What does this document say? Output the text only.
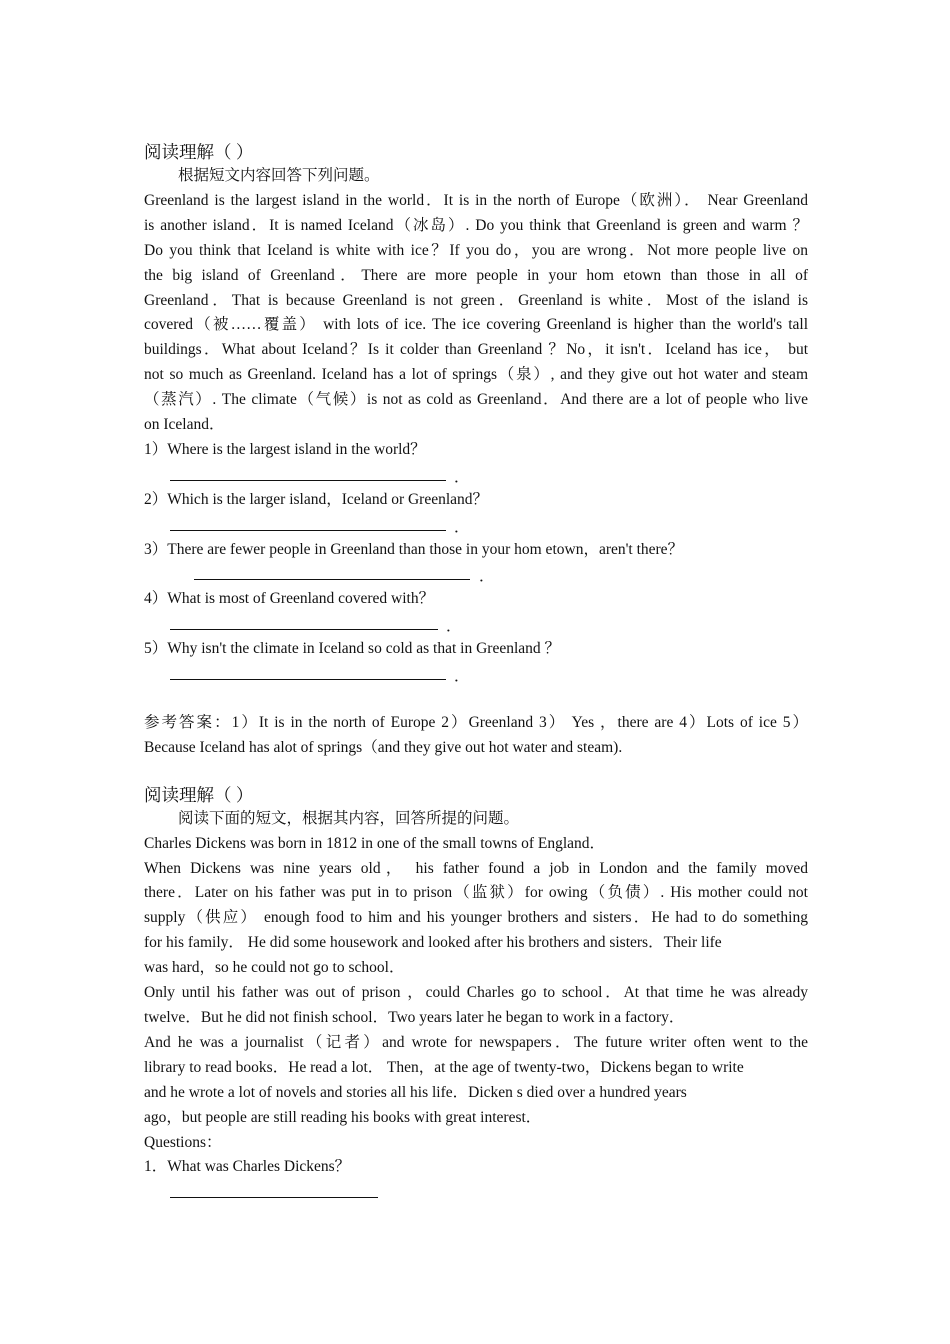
阅读理解（ ）
根据短文内容回答下列问题。
Greenland is the largest island in the world．It is in the north of Europe（欧洲）． Near Greenland
is another island．It is named Iceland（冰岛）. Do you think that Greenland is green and warm ？
Do you think that Iceland is white with ice？If you do，you are wrong．Not more people live on
the big island of Greenland．There are more people in your hom etown than those in all of
Greenland．That is because Greenland is not green．Greenland is white．Most of the island is
covered（被……覆盖） with lots of ice. The ice covering Greenland is higher than the world's tall
buildings．What about Iceland？Is it colder than Greenland ？No，it isn't．Iceland has ice， but
not so much as Greenland. Iceland has a lot of springs（泉）, and they give out hot water and steam
（蒸汽）. The climate（气候）is not as cold as Greenland．And there are a lot of people who live
on Iceland．
1）Where is the largest island in the world？
．
2）Which is the larger island，Iceland or Greenland？
．
3）There are fewer people in Greenland than those in your hom etown，aren't there？
．
4）What is most of Greenland covered with？
．
5）Why isn't the climate in Iceland so cold as that in Greenland ？
．
参考答案：1）It is in the north of Europe 2）Greenland 3） Yes ，there are 4）Lots of ice 5）
Because Iceland has alot of springs（and they give out hot water and steam).
阅读理解（ ）
阅读下面的短文，根据其内容，回答所提的问题。
Charles Dickens was born in 1812 in one of the small towns of England．
When Dickens was nine years old， his father found a job in London and the family moved
there．Later on his father was put in to prison（监狱）for owing（负债）. His mother could not
supply（供应） enough food to him and his younger brothers and sisters．He had to do something
for his family． He did some housework and looked after his brothers and sisters．Their life
was hard，so he could not go to school．
Only until his father was out of prison ，could Charles go to school．At that time he was already
twelve．But he did not finish school．Two years later he began to work in a factory．
And he was a journalist（记者）and wrote for newspapers．The future writer often went to the
library to read books．He read a lot． Then，at the age of twenty-two，Dickens began to write
and he wrote a lot of novels and stories all his life．Dicken s died over a hundred years
ago，but people are still reading his books with great interest．
Questions：
1．What was Charles Dickens？
